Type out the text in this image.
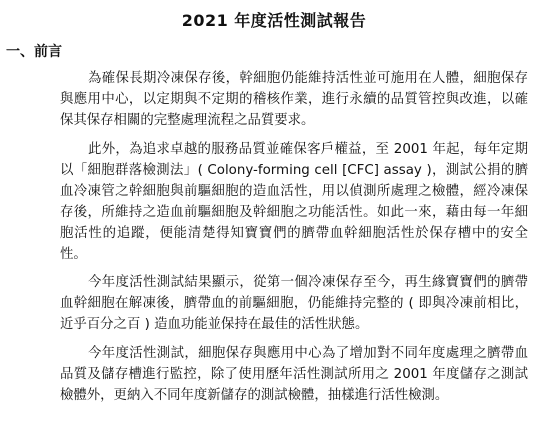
2021 年度活性測試報告
一、前言

為確保長期冷凍保存後，幹細胞仍能維持活性並可施用在人體，細胞保存與應用中心，以定期與不定期的稽核作業，進行永續的品質管控與改進，以確保其保存相關的完整處理流程之品質要求。

此外，為追求卓越的服務品質並確保客戶權益，至 2001 年起，每年定期以「細胞群落檢測法」( Colony-forming cell [CFC] assay )，測試公捐的臍血冷凍管之幹細胞與前驅細胞的造血活性，用以偵測所處理之檢體，經冷凍保存後，所維持之造血前驅細胞及幹細胞之功能活性。如此一來，藉由每一年細胞活性的追蹤，便能清楚得知寶寶們的臍帶血幹細胞活性於保存槽中的安全性。

今年度活性測試結果顯示，從第一個冷凍保存至今，再生緣寶寶們的臍帶血幹細胞在解凍後，臍帶血的前驅細胞，仍能維持完整的 ( 即與冷凍前相比，近乎百分之百 ) 造血功能並保持在最佳的活性狀態。

今年度活性測試，細胞保存與應用中心為了增加對不同年度處理之臍帶血品質及儲存槽進行監控，除了使用歷年活性測試所用之 2001 年度儲存之測試檢體外，更納入不同年度新儲存的測試檢體，抽樣進行活性檢測。
